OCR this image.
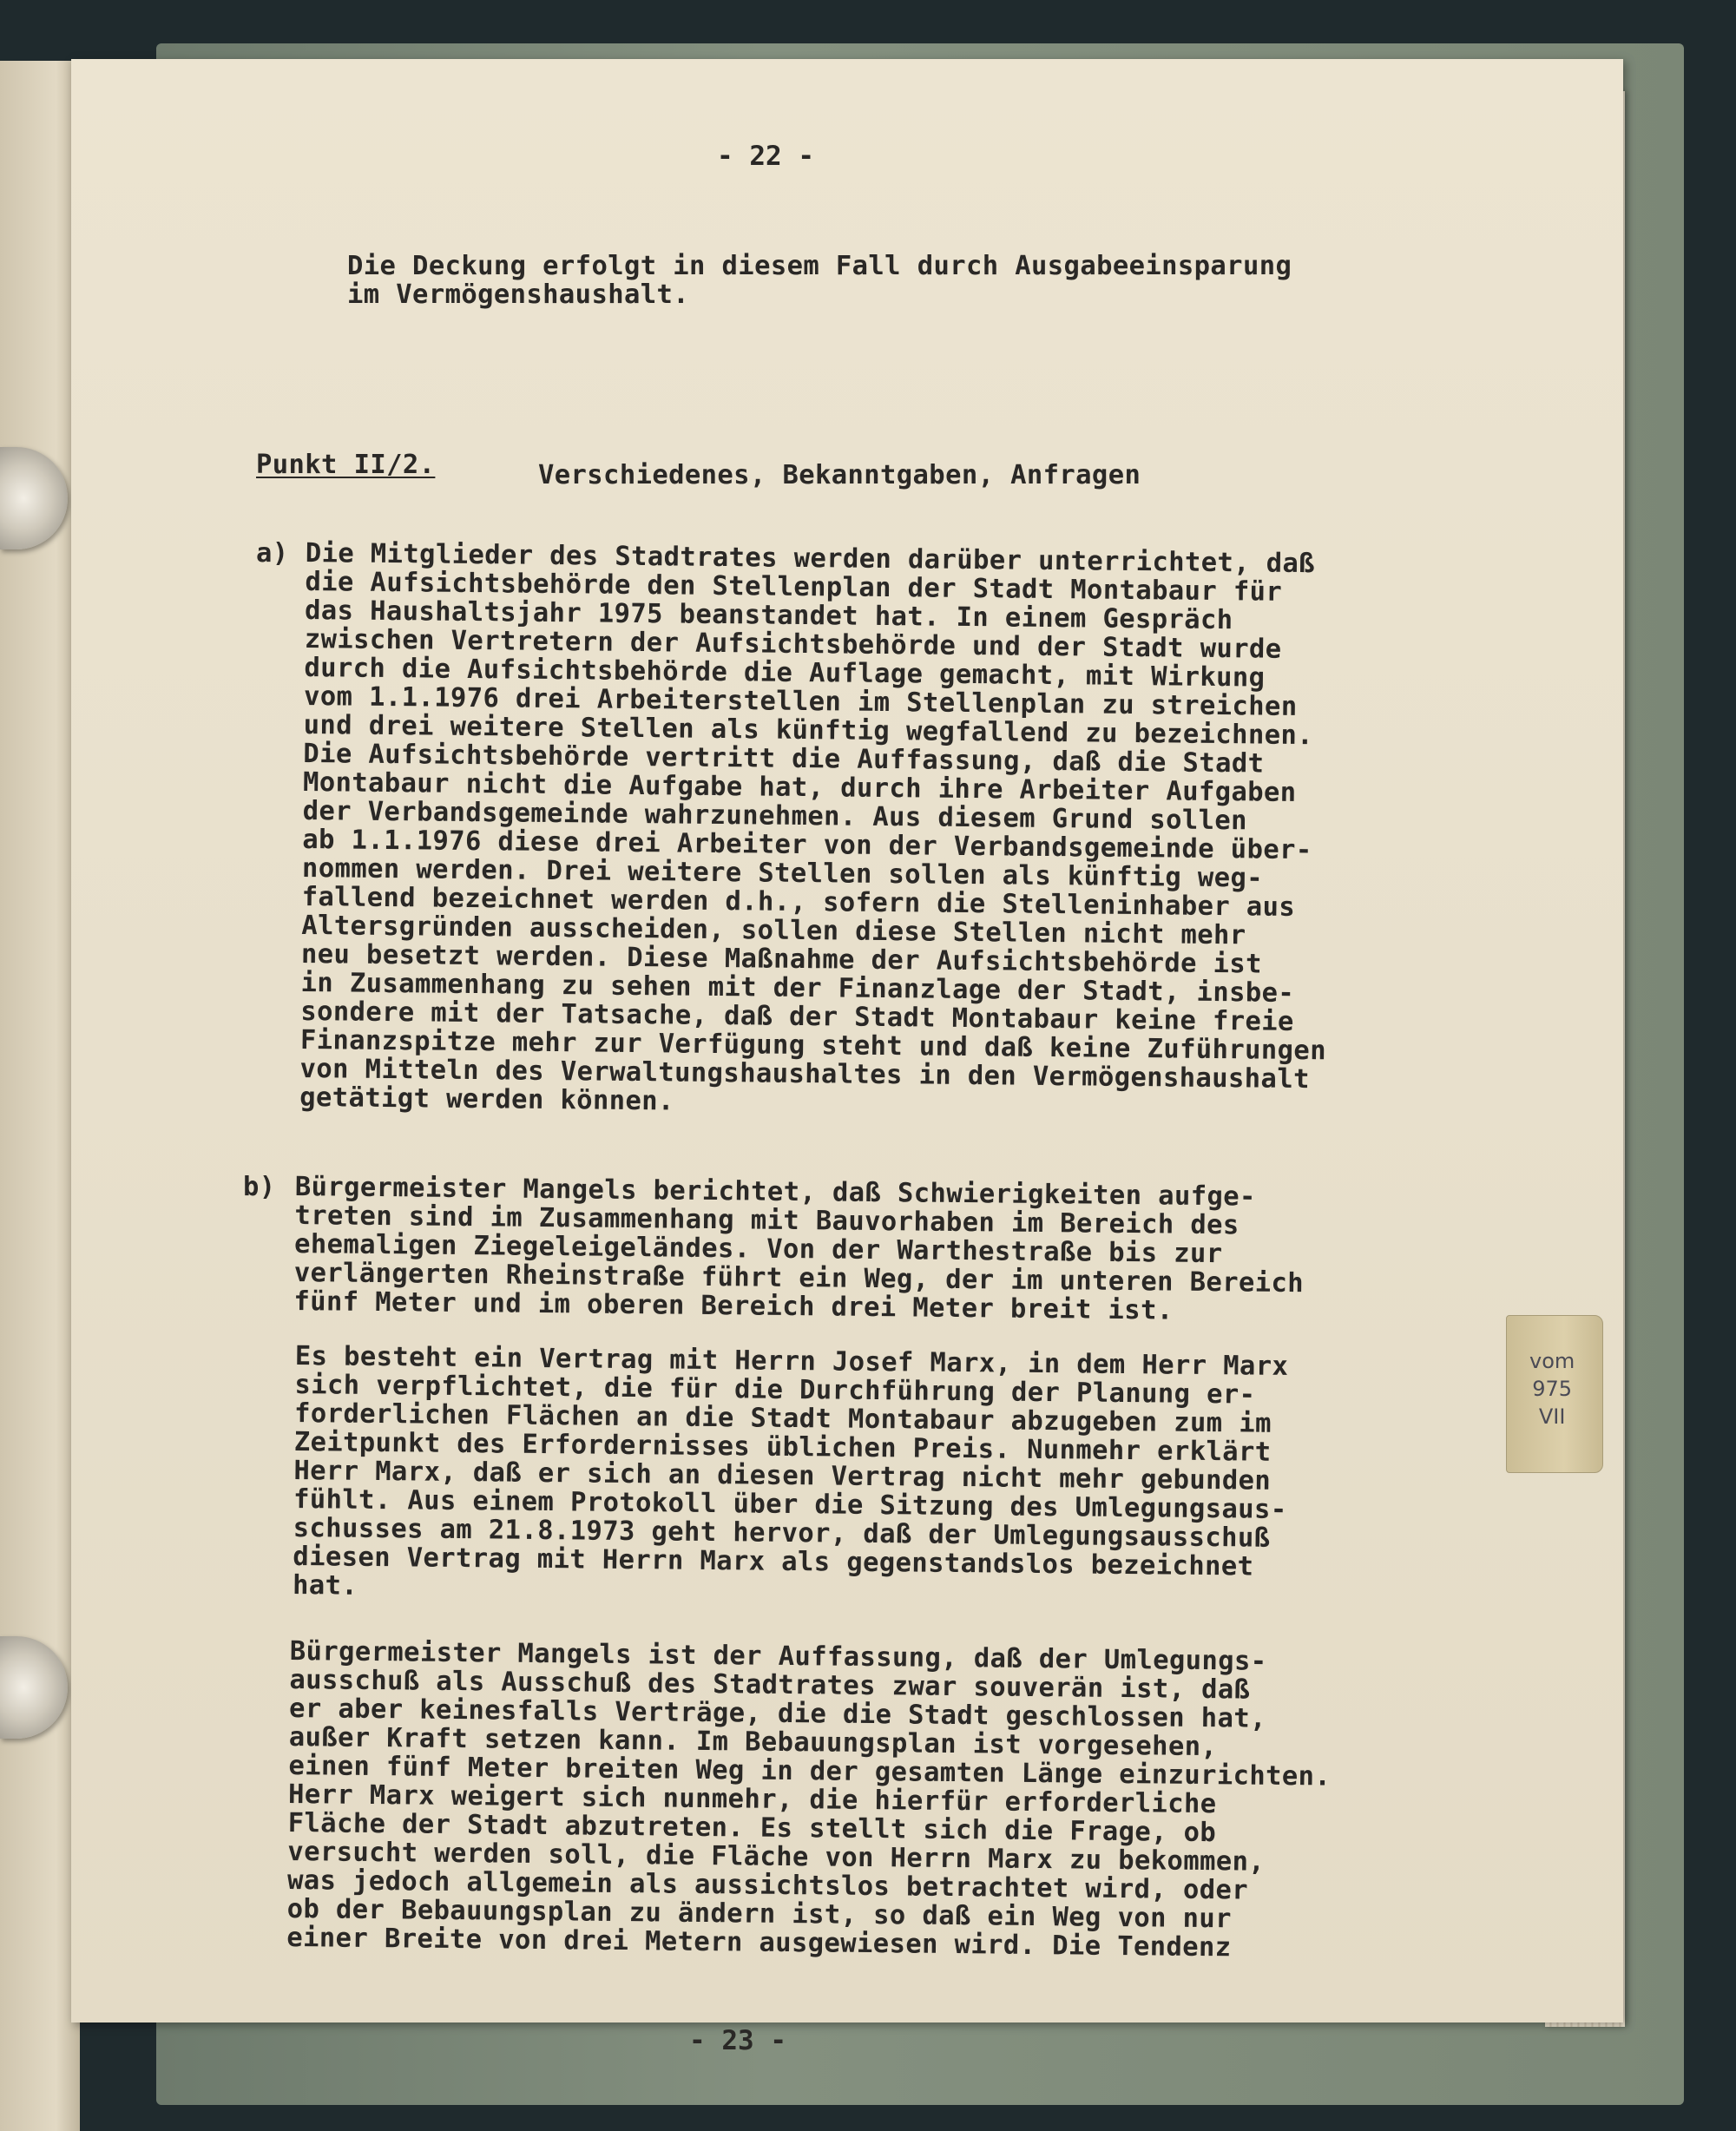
- 22 -
Die Deckung erfolgt in diesem Fall durch Ausgabeeinsparung
im Vermögenshaushalt.
Punkt II/2.	Verschiedenes, Bekanntgaben, Anfragen
a) Die Mitglieder des Stadtrates werden darüber unterrichtet, daß
die Aufsichtsbehörde den Stellenplan der Stadt Montabaur für
das Haushaltsjahr 1975 beanstandet hat. In einem Gespräch
zwischen Vertretern der Aufsichtsbehörde und der Stadt wurde
durch die Aufsichtsbehörde die Auflage gemacht, mit Wirkung
vom 1.1.1976 drei Arbeiterstellen im Stellenplan zu streichen
und drei weitere Stellen als künftig wegfallend zu bezeichnen.
Die Aufsichtsbehörde vertritt die Auffassung, daß die Stadt
Montabaur nicht die Aufgabe hat, durch ihre Arbeiter Aufgaben
der Verbandsgemeinde wahrzunehmen. Aus diesem Grund sollen
ab 1.1.1976 diese drei Arbeiter von der Verbandsgemeinde über-
nommen werden. Drei weitere Stellen sollen als künftig weg-
fallend bezeichnet werden d.h., sofern die Stelleninhaber aus
Altersgründen ausscheiden, sollen diese Stellen nicht mehr
neu besetzt werden. Diese Maßnahme der Aufsichtsbehörde ist
in Zusammenhang zu sehen mit der Finanzlage der Stadt, insbe-
sondere mit der Tatsache, daß der Stadt Montabaur keine freie
Finanzspitze mehr zur Verfügung steht und daß keine Zuführungen
von Mitteln des Verwaltungshaushaltes in den Vermögenshaushalt
getätigt werden können.
b) Bürgermeister Mangels berichtet, daß Schwierigkeiten aufge-
treten sind im Zusammenhang mit Bauvorhaben im Bereich des
ehemaligen Ziegeleigeländes. Von der Warthestraße bis zur
verlängerten Rheinstraße führt ein Weg, der im unteren Bereich
fünf Meter und im oberen Bereich drei Meter breit ist.
Es besteht ein Vertrag mit Herrn Josef Marx, in dem Herr Marx
sich verpflichtet, die für die Durchführung der Planung er-
forderlichen Flächen an die Stadt Montabaur abzugeben zum im
Zeitpunkt des Erfordernisses üblichen Preis. Nunmehr erklärt
Herr Marx, daß er sich an diesen Vertrag nicht mehr gebunden
fühlt. Aus einem Protokoll über die Sitzung des Umlegungsaus-
schusses am 21.8.1973 geht hervor, daß der Umlegungsausschuß
diesen Vertrag mit Herrn Marx als gegenstandslos bezeichnet
hat.
Bürgermeister Mangels ist der Auffassung, daß der Umlegungs-
ausschuß als Ausschuß des Stadtrates zwar souverän ist, daß
er aber keinesfalls Verträge, die die Stadt geschlossen hat,
außer Kraft setzen kann. Im Bebauungsplan ist vorgesehen,
einen fünf Meter breiten Weg in der gesamten Länge einzurichten.
Herr Marx weigert sich nunmehr, die hierfür erforderliche
Fläche der Stadt abzutreten. Es stellt sich die Frage, ob
versucht werden soll, die Fläche von Herrn Marx zu bekommen,
was jedoch allgemein als aussichtslos betrachtet wird, oder
ob der Bebauungsplan zu ändern ist, so daß ein Weg von nur
einer Breite von drei Metern ausgewiesen wird. Die Tendenz
- 23 -
vom
975
VII
